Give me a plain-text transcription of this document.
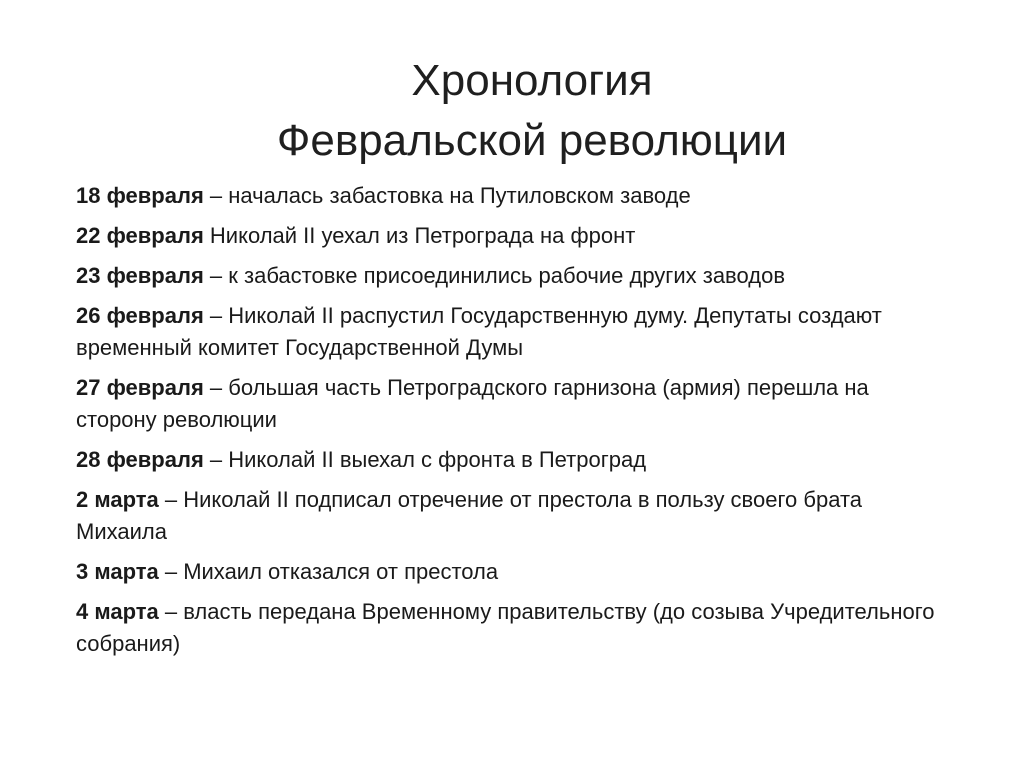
Хронология
Февральской революции
18 февраля – началась забастовка на Путиловском заводе
22 февраля Николай II уехал из Петрограда на фронт
23 февраля – к забастовке присоединились рабочие других заводов
26 февраля – Николай II распустил Государственную думу. Депутаты создают временный комитет Государственной Думы
27 февраля – большая часть Петроградского гарнизона (армия) перешла на сторону революции
28 февраля – Николай II выехал с фронта в Петроград
2 марта – Николай II подписал отречение от престола в пользу своего брата Михаила
3 марта – Михаил отказался от престола
4 марта – власть передана Временному правительству (до созыва Учредительного собрания)
